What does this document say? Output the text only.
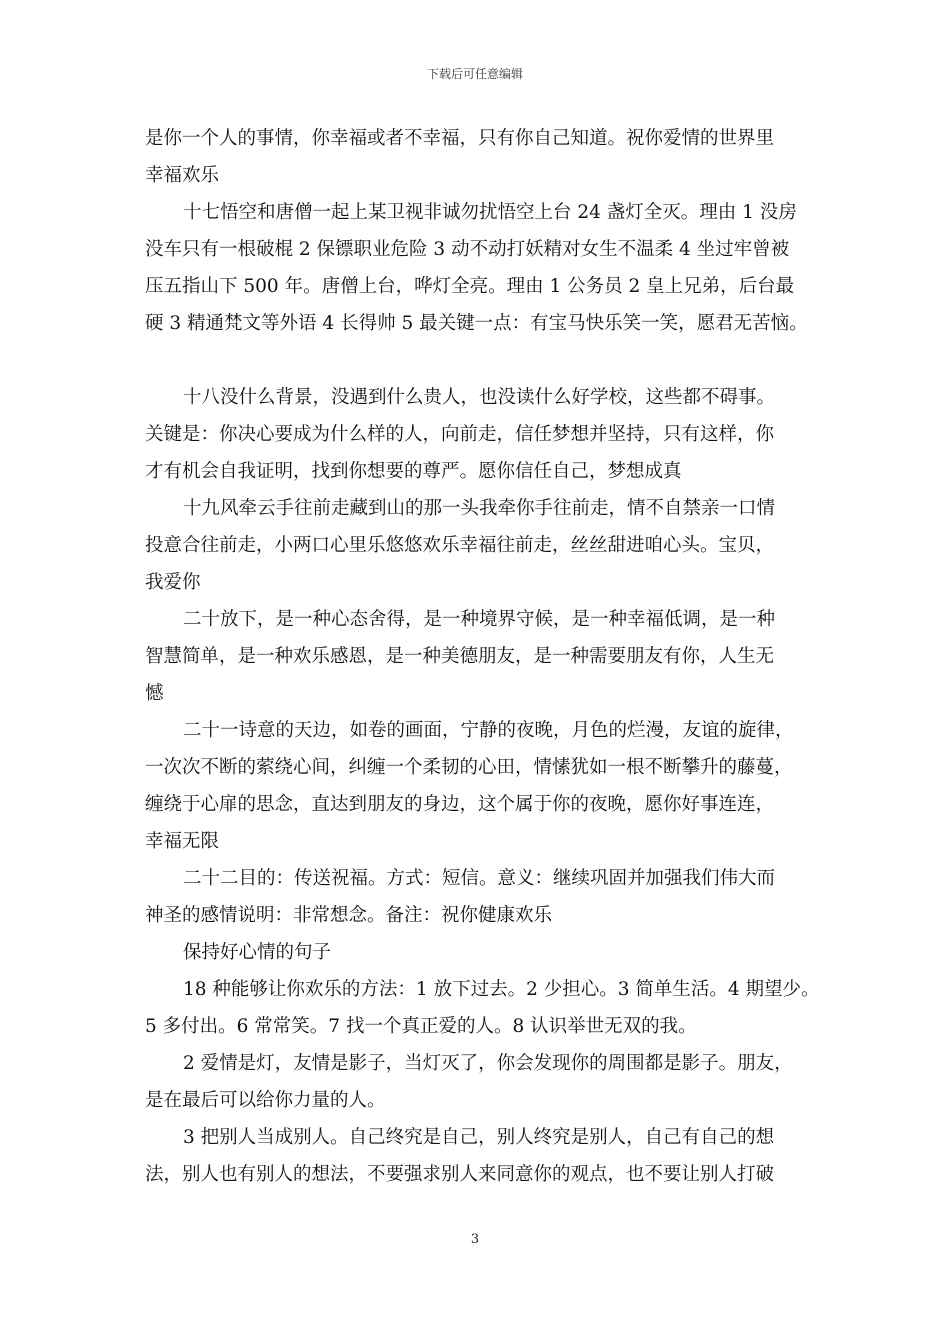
下载后可任意编辑
是你一个人的事情，你幸福或者不幸福，只有你自己知道。祝你爱情的世界里
幸福欢乐
十七悟空和唐僧一起上某卫视非诚勿扰悟空上台 24 盏灯全灭。理由 1 没房
没车只有一根破棍 2 保镖职业危险 3 动不动打妖精对女生不温柔 4 坐过牢曾被
压五指山下 500 年。唐僧上台，哗灯全亮。理由 1 公务员 2 皇上兄弟，后台最
硬 3 精通梵文等外语 4 长得帅 5 最关键一点：有宝马快乐笑一笑，愿君无苦恼。
十八没什么背景，没遇到什么贵人，也没读什么好学校，这些都不碍事。
关键是：你决心要成为什么样的人，向前走，信任梦想并坚持，只有这样，你
才有机会自我证明，找到你想要的尊严。愿你信任自己，梦想成真
十九风牵云手往前走藏到山的那一头我牵你手往前走，情不自禁亲一口情
投意合往前走，小两口心里乐悠悠欢乐幸福往前走，丝丝甜进咱心头。宝贝，
我爱你
二十放下，是一种心态舍得，是一种境界守候，是一种幸福低调，是一种
智慧简单，是一种欢乐感恩，是一种美德朋友，是一种需要朋友有你，人生无
憾
二十一诗意的天边，如卷的画面，宁静的夜晚，月色的烂漫，友谊的旋律，
一次次不断的萦绕心间，纠缠一个柔韧的心田，情愫犹如一根不断攀升的藤蔓，
缠绕于心扉的思念，直达到朋友的身边，这个属于你的夜晚，愿你好事连连，
幸福无限
二十二目的：传送祝福。方式：短信。意义：继续巩固并加强我们伟大而
神圣的感情说明：非常想念。备注：祝你健康欢乐
保持好心情的句子
18 种能够让你欢乐的方法：1 放下过去。2 少担心。3 简单生活。4 期望少。
5 多付出。6 常常笑。7 找一个真正爱的人。8 认识举世无双的我。
2 爱情是灯，友情是影子，当灯灭了，你会发现你的周围都是影子。朋友，
是在最后可以给你力量的人。
3 把别人当成别人。自己终究是自己，别人终究是别人，自己有自己的想
法，别人也有别人的想法，不要强求别人来同意你的观点，也不要让别人打破
3
